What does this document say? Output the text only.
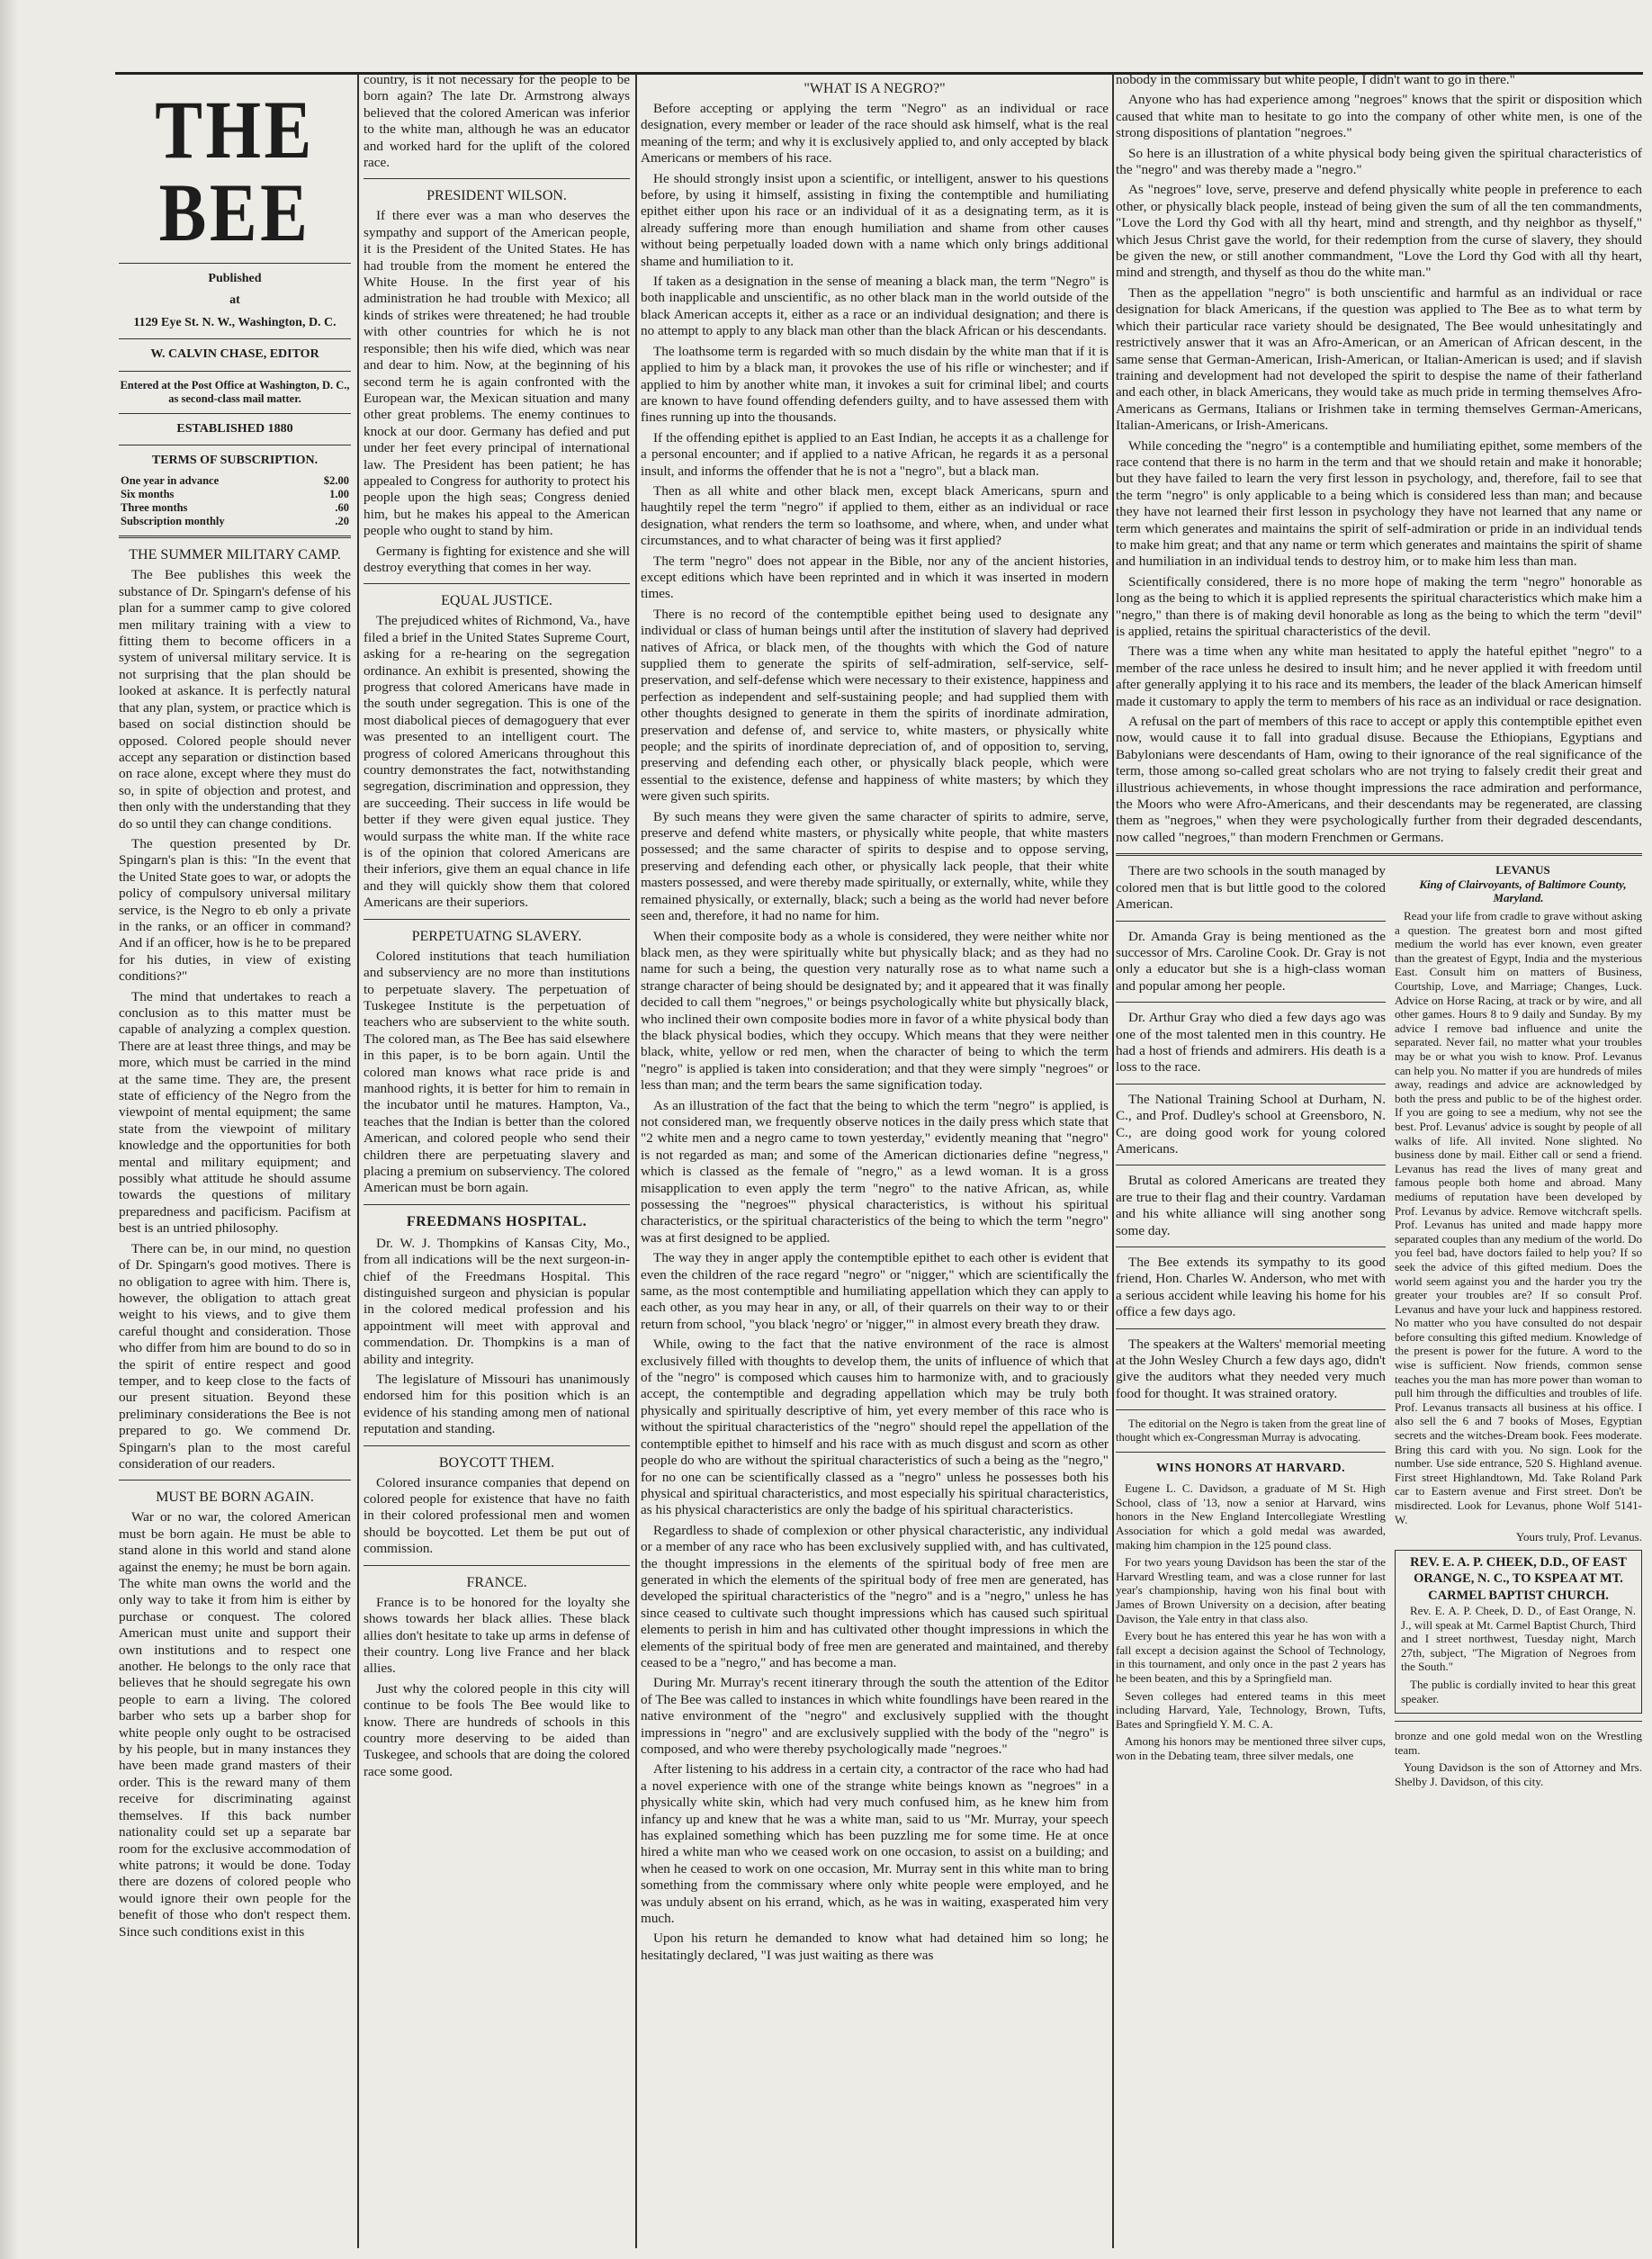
THE BEE

Published

at

1129 Eye St. N. W., Washington, D. C.

W. CALVIN CHASE, EDITOR

Entered at the Post Office at Washington, D. C., as second-class mail matter.

ESTABLISHED 1880

TERMS OF SUBSCRIPTION.

One year in advance	$2.00
Six months	1.00
Three months	.60
Subscription monthly	.20
THE SUMMER MILITARY CAMP.

The Bee publishes this week the substance of Dr. Spingarn's defense of his plan for a summer camp to give colored men military training with a view to fitting them to become officers in a system of universal military service. It is not surprising that the plan should be looked at askance. It is perfectly natural that any plan, system, or practice which is based on social distinction should be opposed. Colored people should never accept any separation or distinction based on race alone, except where they must do so, in spite of objection and protest, and then only with the understanding that they do so until they can change conditions.

The question presented by Dr. Spingarn's plan is this: "In the event that the United State goes to war, or adopts the policy of compulsory universal military service, is the Negro to eb only a private in the ranks, or an officer in command? And if an officer, how is he to be prepared for his duties, in view of existing conditions?"

The mind that undertakes to reach a conclusion as to this matter must be capable of analyzing a complex question. There are at least three things, and may be more, which must be carried in the mind at the same time. They are, the present state of efficiency of the Negro from the viewpoint of mental equipment; the same state from the viewpoint of military knowledge and the opportunities for both mental and military equipment; and possibly what attitude he should assume towards the questions of military preparedness and pacificism. Pacifism at best is an untried philosophy.

There can be, in our mind, no question of Dr. Spingarn's good motives. There is no obligation to agree with him. There is, however, the obligation to attach great weight to his views, and to give them careful thought and consideration. Those who differ from him are bound to do so in the spirit of entire respect and good temper, and to keep close to the facts of our present situation. Beyond these preliminary considerations the Bee is not prepared to go. We commend Dr. Spingarn's plan to the most careful consideration of our readers.

MUST BE BORN AGAIN.

War or no war, the colored American must be born again. He must be able to stand alone in this world and stand alone against the enemy; he must be born again. The white man owns the world and the only way to take it from him is either by purchase or conquest. The colored American must unite and support their own institutions and to respect one another. He belongs to the only race that believes that he should segregate his own people to earn a living. The colored barber who sets up a barber shop for white people only ought to be ostracised by his people, but in many instances they have been made grand masters of their order. This is the reward many of them receive for discriminating against themselves. If this back number nationality could set up a separate bar room for the exclusive accommodation of white patrons; it would be done. Today there are dozens of colored people who would ignore their own people for the benefit of those who don't respect them. Since such conditions exist in this

country, is it not necessary for the people to be born again? The late Dr. Armstrong always believed that the colored American was inferior to the white man, although he was an educator and worked hard for the uplift of the colored race.

PRESIDENT WILSON.

If there ever was a man who deserves the sympathy and support of the American people, it is the President of the United States. He has had trouble from the moment he entered the White House. In the first year of his administration he had trouble with Mexico; all kinds of strikes were threatened; he had trouble with other countries for which he is not responsible; then his wife died, which was near and dear to him. Now, at the beginning of his second term he is again confronted with the European war, the Mexican situation and many other great problems. The enemy continues to knock at our door. Germany has defied and put under her feet every principal of international law. The President has been patient; he has appealed to Congress for authority to protect his people upon the high seas; Congress denied him, but he makes his appeal to the American people who ought to stand by him.

Germany is fighting for existence and she will destroy everything that comes in her way.

EQUAL JUSTICE.

The prejudiced whites of Richmond, Va., have filed a brief in the United States Supreme Court, asking for a re-hearing on the segregation ordinance. An exhibit is presented, showing the progress that colored Americans have made in the south under segregation. This is one of the most diabolical pieces of demagoguery that ever was presented to an intelligent court. The progress of colored Americans throughout this country demonstrates the fact, notwithstanding segregation, discrimination and oppression, they are succeeding. Their success in life would be better if they were given equal justice. They would surpass the white man. If the white race is of the opinion that colored Americans are their inferiors, give them an equal chance in life and they will quickly show them that colored Americans are their superiors.

PERPETUATNG SLAVERY.

Colored institutions that teach humiliation and subserviency are no more than institutions to perpetuate slavery. The perpetuation of Tuskegee Institute is the perpetuation of teachers who are subservient to the white south. The colored man, as The Bee has said elsewhere in this paper, is to be born again. Until the colored man knows what race pride is and manhood rights, it is better for him to remain in the incubator until he matures. Hampton, Va., teaches that the Indian is better than the colored American, and colored people who send their children there are perpetuating slavery and placing a premium on subserviency. The colored American must be born again.

FREEDMANS HOSPITAL.

Dr. W. J. Thompkins of Kansas City, Mo., from all indications will be the next surgeon-in-chief of the Freedmans Hospital. This distinguished surgeon and physician is popular in the colored medical profession and his appointment will meet with approval and commendation. Dr. Thompkins is a man of ability and integrity.

The legislature of Missouri has unanimously endorsed him for this position which is an evidence of his standing among men of national reputation and standing.

BOYCOTT THEM.

Colored insurance companies that depend on colored people for existence that have no faith in their colored professional men and women should be boycotted. Let them be put out of commission.

FRANCE.

France is to be honored for the loyalty she shows towards her black allies. These black allies don't hesitate to take up arms in defense of their country. Long live France and her black allies.

Just why the colored people in this city will continue to be fools The Bee would like to know. There are hundreds of schools in this country more deserving to be aided than Tuskegee, and schools that are doing the colored race some good.

"WHAT IS A NEGRO?"

Before accepting or applying the term "Negro" as an individual or race designation, every member or leader of the race should ask himself, what is the real meaning of the term; and why it is exclusively applied to, and only accepted by black Americans or members of his race.

He should strongly insist upon a scientific, or intelligent, answer to his questions before, by using it himself, assisting in fixing the contemptible and humiliating epithet either upon his race or an individual of it as a designating term, as it is already suffering more than enough humiliation and shame from other causes without being perpetually loaded down with a name which only brings additional shame and humiliation to it.

If taken as a designation in the sense of meaning a black man, the term "Negro" is both inapplicable and unscientific, as no other black man in the world outside of the black American accepts it, either as a race or an individual designation; and there is no attempt to apply to any black man other than the black African or his descendants.

The loathsome term is regarded with so much disdain by the white man that if it is applied to him by a black man, it provokes the use of his rifle or winchester; and if applied to him by another white man, it invokes a suit for criminal libel; and courts are known to have found offending defenders guilty, and to have assessed them with fines running up into the thousands.

If the offending epithet is applied to an East Indian, he accepts it as a challenge for a personal encounter; and if applied to a native African, he regards it as a personal insult, and informs the offender that he is not a "negro", but a black man.

Then as all white and other black men, except black Americans, spurn and haughtily repel the term "negro" if applied to them, either as an individual or race designation, what renders the term so loathsome, and where, when, and under what circumstances, and to what character of being was it first applied?

The term "negro" does not appear in the Bible, nor any of the ancient histories, except editions which have been reprinted and in which it was inserted in modern times.

There is no record of the contemptible epithet being used to designate any individual or class of human beings until after the institution of slavery had deprived natives of Africa, or black men, of the thoughts with which the God of nature supplied them to generate the spirits of self-admiration, self-service, self-preservation, and self-defense which were necessary to their existence, happiness and perfection as independent and self-sustaining people; and had supplied them with other thoughts designed to generate in them the spirits of inordinate admiration, preservation and defense of, and service to, white masters, or physically white people; and the spirits of inordinate depreciation of, and of opposition to, serving, preserving and defending each other, or physically black people, which were essential to the existence, defense and happiness of white masters; by which they were given such spirits.

By such means they were given the same character of spirits to admire, serve, preserve and defend white masters, or physically white people, that white masters possessed; and the same character of spirits to despise and to oppose serving, preserving and defending each other, or physically lack people, that their white masters possessed, and were thereby made spiritually, or externally, white, while they remained physically, or externally, black; such a being as the world had never before seen and, therefore, it had no name for him.

When their composite body as a whole is considered, they were neither white nor black men, as they were spiritually white but physically black; and as they had no name for such a being, the question very naturally rose as to what name such a strange character of being should be designated by; and it appeared that it was finally decided to call them "negroes," or beings psychologically white but physically black, who inclined their own composite bodies more in favor of a white physical body than the black physical bodies, which they occupy. Which means that they were neither black, white, yellow or red men, when the character of being to which the term "negro" is applied is taken into consideration; and that they were simply "negroes" or less than man; and the term bears the same signification today.

As an illustration of the fact that the being to which the term "negro" is applied, is not considered man, we frequently observe notices in the daily press which state that "2 white men and a negro came to town yesterday," evidently meaning that "negro" is not regarded as man; and some of the American dictionaries define "negress," which is classed as the female of "negro," as a lewd woman. It is a gross misapplication to even apply the term "negro" to the native African, as, while possessing the "negroes'" physical characteristics, is without his spiritual characteristics, or the spiritual characteristics of the being to which the term "negro" was at first designed to be applied.

The way they in anger apply the contemptible epithet to each other is evident that even the children of the race regard "negro" or "nigger," which are scientifically the same, as the most contemptible and humiliating appellation which they can apply to each other, as you may hear in any, or all, of their quarrels on their way to or their return from school, "you black 'negro' or 'nigger,'" in almost every breath they draw.

While, owing to the fact that the native environment of the race is almost exclusively filled with thoughts to develop them, the units of influence of which that of the "negro" is composed which causes him to harmonize with, and to graciously accept, the contemptible and degrading appellation which may be truly both physically and spiritually descriptive of him, yet every member of this race who is without the spiritual characteristics of the "negro" should repel the appellation of the contemptible epithet to himself and his race with as much disgust and scorn as other people do who are without the spiritual characteristics of such a being as the "negro," for no one can be scientifically classed as a "negro" unless he possesses both his physical and spiritual characteristics, and most especially his spiritual characteristics, as his physical characteristics are only the badge of his spiritual characteristics.

Regardless to shade of complexion or other physical characteristic, any individual or a member of any race who has been exclusively supplied with, and has cultivated, the thought impressions in the elements of the spiritual body of free men are generated in which the elements of the spiritual body of free men are generated, has developed the spiritual characteristics of the "negro" and is a "negro," unless he has since ceased to cultivate such thought impressions which has caused such spiritual elements to perish in him and has cultivated other thought impressions in which the elements of the spiritual body of free men are generated and maintained, and thereby ceased to be a "negro," and has become a man.

During Mr. Murray's recent itinerary through the south the attention of the Editor of The Bee was called to instances in which white foundlings have been reared in the native environment of the "negro" and exclusively supplied with the thought impressions in "negro" and are exclusively supplied with the body of the "negro" is composed, and who were thereby psychologically made "negroes."

After listening to his address in a certain city, a contractor of the race who had had a novel experience with one of the strange white beings known as "negroes" in a physically white skin, which had very much confused him, as he knew him from infancy up and knew that he was a white man, said to us "Mr. Murray, your speech has explained something which has been puzzling me for some time. He at once hired a white man who we ceased work on one occasion, to assist on a building; and when he ceased to work on one occasion, Mr. Murray sent in this white man to bring something from the commissary where only white people were employed, and he was unduly absent on his errand, which, as he was in waiting, exasperated him very much.

Upon his return he demanded to know what had detained him so long; he hesitatingly declared, "I was just waiting as there was

nobody in the commissary but white people, I didn't want to go in there."

Anyone who has had experience among "negroes" knows that the spirit or disposition which caused that white man to hesitate to go into the company of other white men, is one of the strong dispositions of plantation "negroes."

So here is an illustration of a white physical body being given the spiritual characteristics of the "negro" and was thereby made a "negro."

As "negroes" love, serve, preserve and defend physically white people in preference to each other, or physically black people, instead of being given the sum of all the ten commandments, "Love the Lord thy God with all thy heart, mind and strength, and thy neighbor as thyself," which Jesus Christ gave the world, for their redemption from the curse of slavery, they should be given the new, or still another commandment, "Love the Lord thy God with all thy heart, mind and strength, and thyself as thou do the white man."

Then as the appellation "negro" is both unscientific and harmful as an individual or race designation for black Americans, if the question was applied to The Bee as to what term by which their particular race variety should be designated, The Bee would unhesitatingly and restrictively answer that it was an Afro-American, or an American of African descent, in the same sense that German-American, Irish-American, or Italian-American is used; and if slavish training and development had not developed the spirit to despise the name of their fatherland and each other, in black Americans, they would take as much pride in terming themselves Afro-Americans as Germans, Italians or Irishmen take in terming themselves German-Americans, Italian-Americans, or Irish-Americans.

While conceding the "negro" is a contemptible and humiliating epithet, some members of the race contend that there is no harm in the term and that we should retain and make it honorable; but they have failed to learn the very first lesson in psychology, and, therefore, fail to see that the term "negro" is only applicable to a being which is considered less than man; and because they have not learned their first lesson in psychology they have not learned that any name or term which generates and maintains the spirit of self-admiration or pride in an individual tends to make him great; and that any name or term which generates and maintains the spirit of shame and humiliation in an individual tends to destroy him, or to make him less than man.

Scientifically considered, there is no more hope of making the term "negro" honorable as long as the being to which it is applied represents the spiritual characteristics which make him a "negro," than there is of making devil honorable as long as the being to which the term "devil" is applied, retains the spiritual characteristics of the devil.

There was a time when any white man hesitated to apply the hateful epithet "negro" to a member of the race unless he desired to insult him; and he never applied it with freedom until after generally applying it to his race and its members, the leader of the black American himself made it customary to apply the term to members of his race as an individual or race designation.

A refusal on the part of members of this race to accept or apply this contemptible epithet even now, would cause it to fall into gradual disuse. Because the Ethiopians, Egyptians and Babylonians were descendants of Ham, owing to their ignorance of the real significance of the term, those among so-called great scholars who are not trying to falsely credit their great and illustrious achievements, in whose thought impressions the race admiration and performance, the Moors who were Afro-Americans, and their descendants may be regenerated, are classing them as "negroes," when they were psychologically further from their degraded descendants, now called "negroes," than modern Frenchmen or Germans.

There are two schools in the south managed by colored men that is but little good to the colored American.

Dr. Amanda Gray is being mentioned as the successor of Mrs. Caroline Cook. Dr. Gray is not only a educator but she is a high-class woman and popular among her people.

Dr. Arthur Gray who died a few days ago was one of the most talented men in this country. He had a host of friends and admirers. His death is a loss to the race.

The National Training School at Durham, N. C., and Prof. Dudley's school at Greensboro, N. C., are doing good work for young colored Americans.

Brutal as colored Americans are treated they are true to their flag and their country. Vardaman and his white alliance will sing another song some day.

The Bee extends its sympathy to its good friend, Hon. Charles W. Anderson, who met with a serious accident while leaving his home for his office a few days ago.

The speakers at the Walters' memorial meeting at the John Wesley Church a few days ago, didn't give the auditors what they needed very much food for thought. It was strained oratory.

The editorial on the Negro is taken from the great line of thought which ex-Congressman Murray is advocating.

WINS HONORS AT HARVARD.

Eugene L. C. Davidson, a graduate of M St. High School, class of '13, now a senior at Harvard, wins honors in the New England Intercollegiate Wrestling Association for which a gold medal was awarded, making him champion in the 125 pound class.

For two years young Davidson has been the star of the Harvard Wrestling team, and was a close runner for last year's championship, having won his final bout with James of Brown University on a decision, after beating Davison, the Yale entry in that class also.

Every bout he has entered this year he has won with a fall except a decision against the School of Technology, in this tournament, and only once in the past 2 years has he been beaten, and this by a Springfield man.

Seven colleges had entered teams in this meet including Harvard, Yale, Technology, Brown, Tufts, Bates and Springfield Y. M. C. A.

Among his honors may be mentioned three silver cups, won in the Debating team, three silver medals, one

LEVANUS

King of Clairvoyants, of Baltimore County, Maryland.

Read your life from cradle to grave without asking a question. The greatest born and most gifted medium the world has ever known, even greater than the greatest of Egypt, India and the mysterious East. Consult him on matters of Business, Courtship, Love, and Marriage; Changes, Luck. Advice on Horse Racing, at track or by wire, and all other games. Hours 8 to 9 daily and Sunday. By my advice I remove bad influence and unite the separated. Never fail, no matter what your troubles may be or what you wish to know. Prof. Levanus can help you. No matter if you are hundreds of miles away, readings and advice are acknowledged by both the press and public to be of the highest order. If you are going to see a medium, why not see the best. Prof. Levanus' advice is sought by people of all walks of life. All invited. None slighted. No business done by mail. Either call or send a friend. Levanus has read the lives of many great and famous people both home and abroad. Many mediums of reputation have been developed by Prof. Levanus by advice. Remove witchcraft spells. Prof. Levanus has united and made happy more separated couples than any medium of the world. Do you feel bad, have doctors failed to help you? If so seek the advice of this gifted medium. Does the world seem against you and the harder you try the greater your troubles are? If so consult Prof. Levanus and have your luck and happiness restored. No matter who you have consulted do not despair before consulting this gifted medium. Knowledge of the present is power for the future. A word to the wise is sufficient. Now friends, common sense teaches you the man has more power than woman to pull him through the difficulties and troubles of life. Prof. Levanus transacts all business at his office. I also sell the 6 and 7 books of Moses, Egyptian secrets and the witches-Dream book. Fees moderate. Bring this card with you. No sign. Look for the number. Use side entrance, 520 S. Highland avenue. First street Highlandtown, Md. Take Roland Park car to Eastern avenue and First street. Don't be misdirected. Look for Levanus, phone Wolf 5141-W.

Yours truly, Prof. Levanus.

REV. E. A. P. CHEEK, D.D., OF EAST ORANGE, N. C., TO KSPEA AT MT. CARMEL BAPTIST CHURCH.

Rev. E. A. P. Cheek, D. D., of East Orange, N. J., will speak at Mt. Carmel Baptist Church, Third and I street northwest, Tuesday night, March 27th, subject, "The Migration of Negroes from the South."

The public is cordially invited to hear this great speaker.

bronze and one gold medal won on the Wrestling team.

Young Davidson is the son of Attorney and Mrs. Shelby J. Davidson, of this city.
